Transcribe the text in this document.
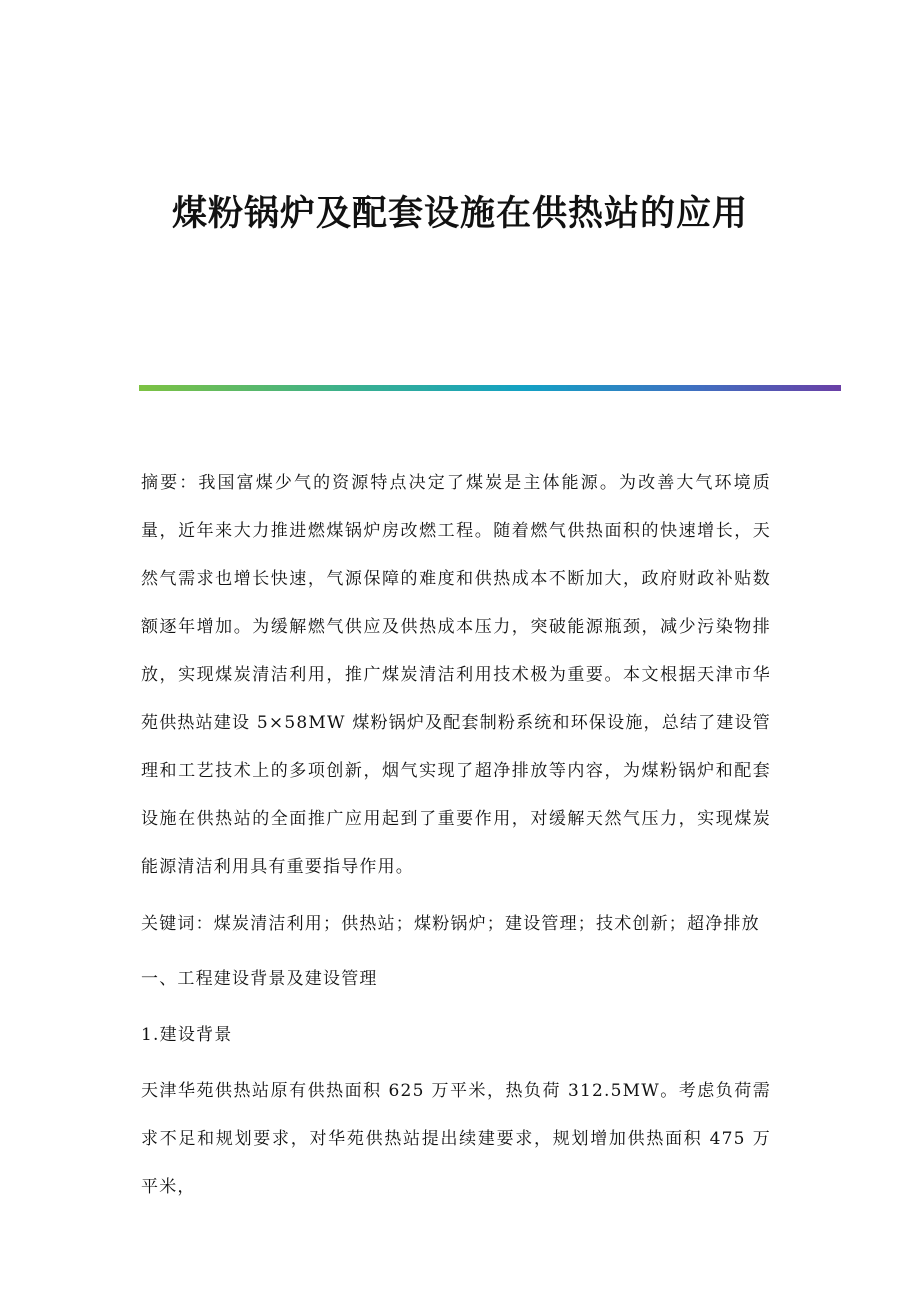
煤粉锅炉及配套设施在供热站的应用

摘要：我国富煤少气的资源特点决定了煤炭是主体能源。为改善大气环境质量，近年来大力推进燃煤锅炉房改燃工程。随着燃气供热面积的快速增长，天然气需求也增长快速，气源保障的难度和供热成本不断加大，政府财政补贴数额逐年增加。为缓解燃气供应及供热成本压力，突破能源瓶颈，减少污染物排放，实现煤炭清洁利用，推广煤炭清洁利用技术极为重要。本文根据天津市华苑供热站建设 5×58MW 煤粉锅炉及配套制粉系统和环保设施，总结了建设管理和工艺技术上的多项创新，烟气实现了超净排放等内容，为煤粉锅炉和配套设施在供热站的全面推广应用起到了重要作用，对缓解天然气压力，实现煤炭能源清洁利用具有重要指导作用。

关键词：煤炭清洁利用；供热站；煤粉锅炉；建设管理；技术创新；超净排放

一、工程建设背景及建设管理

1.建设背景

天津华苑供热站原有供热面积 625 万平米，热负荷 312.5MW。考虑负荷需求不足和规划要求，对华苑供热站提出续建要求，规划增加供热面积 475 万平米，
